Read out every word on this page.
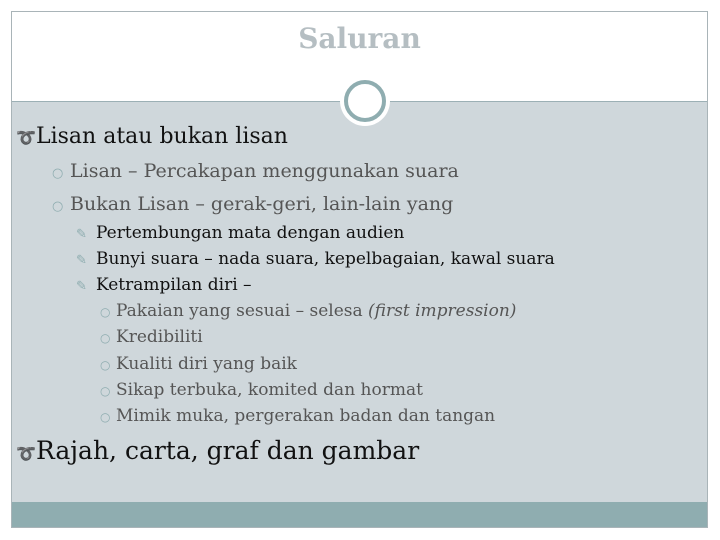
Saluran
➰Lisan atau bukan lisan
○ Lisan – Percakapan menggunakan suara
○ Bukan Lisan – gerak-geri, lain-lain yang
✎ Pertembungan mata dengan audien
✎ Bunyi suara – nada suara, kepelbagaian, kawal suara
✎ Ketrampilan diri –
○ Pakaian yang sesuai – selesa (first impression)
○ Kredibiliti
○ Kualiti diri yang baik
○ Sikap terbuka, komited dan hormat
○ Mimik muka, pergerakan badan dan tangan
➰Rajah, carta, graf dan gambar
